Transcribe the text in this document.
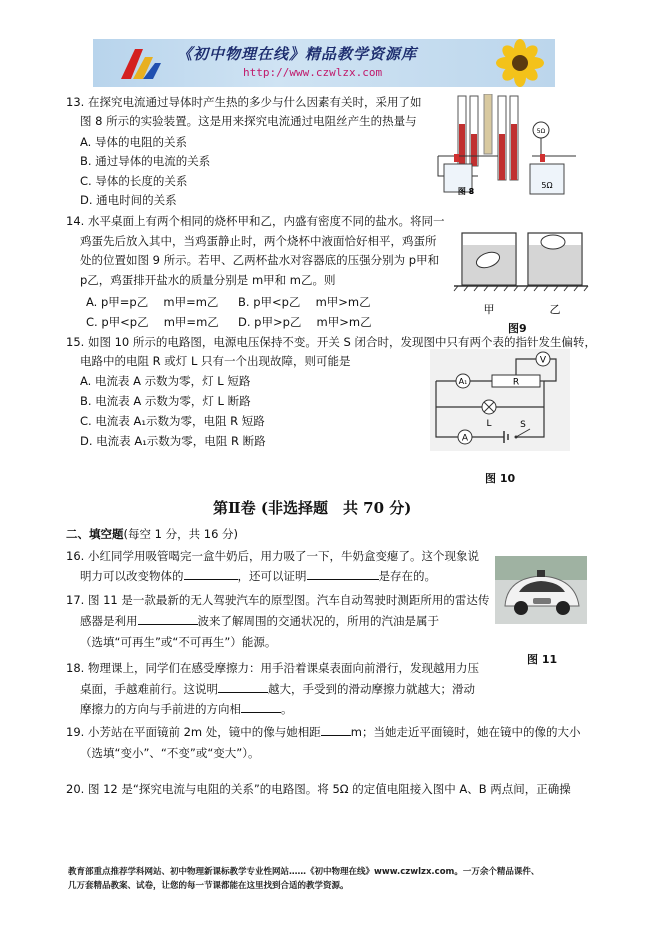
《初中物理在线》精品教学资源库
http://www.czwlzx.com
13. 在探究电流通过导体时产生热的多少与什么因素有关时，采用了如
图 8 所示的实验装置。这是用来探究电流通过电阻丝产生的热量与
A. 导体的电阻的关系
B. 通过导体的电流的关系
C. 导体的长度的关系
D. 通电时间的关系
5Ω
5Ω
图 8
14. 水平桌面上有两个相同的烧杯甲和乙，内盛有密度不同的盐水。将同一
鸡蛋先后放入其中，当鸡蛋静止时，两个烧杯中液面恰好相平，鸡蛋所
处的位置如图 9 所示。若甲、乙两杯盐水对容器底的压强分别为 p甲和
p乙，鸡蛋排开盐水的质量分别是 m甲和 m乙。则
A. p甲=p乙　 m甲=m乙 B. p甲<p乙　 m甲>m乙
C. p甲<p乙　 m甲=m乙 D. p甲>p乙　 m甲>m乙
甲	乙
图9
15. 如图 10 所示的电路图，电源电压保持不变。开关 S 闭合时，发现图中只有两个表的指针发生偏转，
电路中的电阻 R 或灯 L 只有一个出现故障，则可能是
A. 电流表 A 示数为零，灯 L 短路
B. 电流表 A 示数为零，灯 L 断路
C. 电流表 A₁示数为零，电阻 R 短路
D. 电流表 A₁示数为零，电阻 R 断路
V
A₁	R
L
A
S
图 10
第Ⅱ卷 (非选择题　共 70 分)
二、填空题(每空 1 分，共 16 分)
16. 小红同学用吸管喝完一盒牛奶后，用力吸了一下，牛奶盒变瘪了。这个现象说
明力可以改变物体的	，还可以证明	是存在的。
图 11
17. 图 11 是一款最新的无人驾驶汽车的原型图。汽车自动驾驶时测距所用的雷达传
感器是利用	波来了解周围的交通状况的，所用的汽油是属于
（选填“可再生”或“不可再生”）能源。
18. 物理课上，同学们在感受摩擦力：用手沿着课桌表面向前滑行，发现越用力压
桌面，手越难前行。这说明	越大，手受到的滑动摩擦力就越大；滑动
摩擦力的方向与手前进的方向相	。
19. 小芳站在平面镜前 2m 处，镜中的像与她相距	m；当她走近平面镜时，她在镜中的像的大小
（选填“变小”、“不变”或“变大”）。
20. 图 12 是“探究电流与电阻的关系”的电路图。将 5Ω 的定值电阻接入图中 A、B 两点间，正确操
教育部重点推荐学科网站、初中物理新课标教学专业性网站……《初中物理在线》www.czwlzx.com。一万余个精品课件、
几万套精品教案、试卷，让您的每一节课都能在这里找到合适的教学资源。
